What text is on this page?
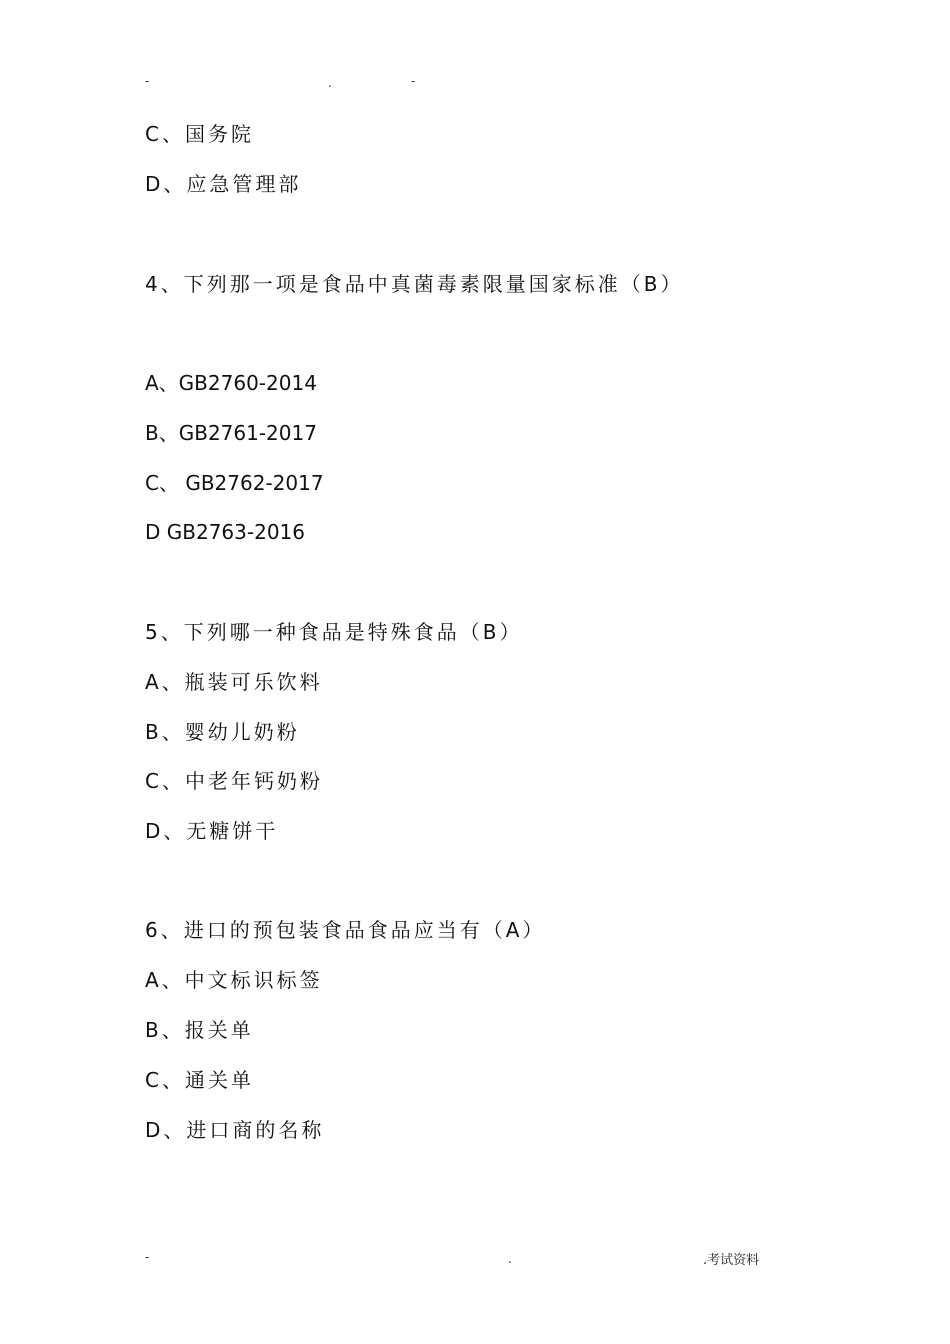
-	.	-
C、国务院
D、应急管理部
4、下列那一项是食品中真菌毒素限量国家标准（B）
A、GB2760-2014
B、GB2761-2017
C、 GB2762-2017
D GB2763-2016
5、下列哪一种食品是特殊食品（B）
A、瓶装可乐饮料
B、婴幼儿奶粉
C、中老年钙奶粉
D、无糖饼干
6、进口的预包装食品食品应当有（A）
A、中文标识标签
B、报关单
C、通关单
D、进口商的名称
-	.	.考试资料
